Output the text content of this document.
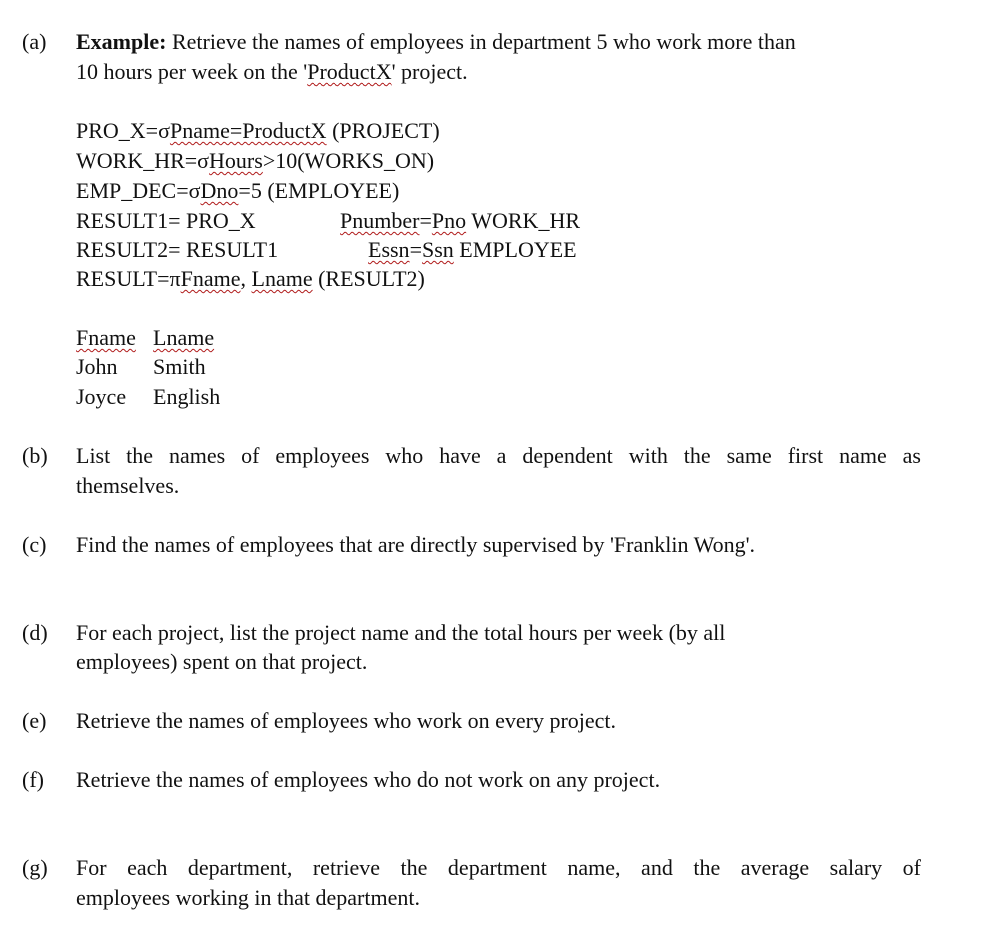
(a) Example: Retrieve the names of employees in department 5 who work more than
10 hours per week on the 'ProductX' project.
PRO_X=σPname=ProductX (PROJECT)
WORK_HR=σHours>10(WORKS_ON)
EMP_DEC=σDno=5 (EMPLOYEE)
RESULT1= PRO_X	Pnumber=Pno WORK_HR
RESULT2= RESULT1	Essn=Ssn EMPLOYEE
RESULT=πFname, Lname (RESULT2)
Fname Lname
John Smith
Joyce English
(b) List the names of employees who have a dependent with the same first name as
themselves.
(c) Find the names of employees that are directly supervised by 'Franklin Wong'.
(d) For each project, list the project name and the total hours per week (by all
employees) spent on that project.
(e) Retrieve the names of employees who work on every project.
(f) Retrieve the names of employees who do not work on any project.
(g) For each department, retrieve the department name, and the average salary of
employees working in that department.
